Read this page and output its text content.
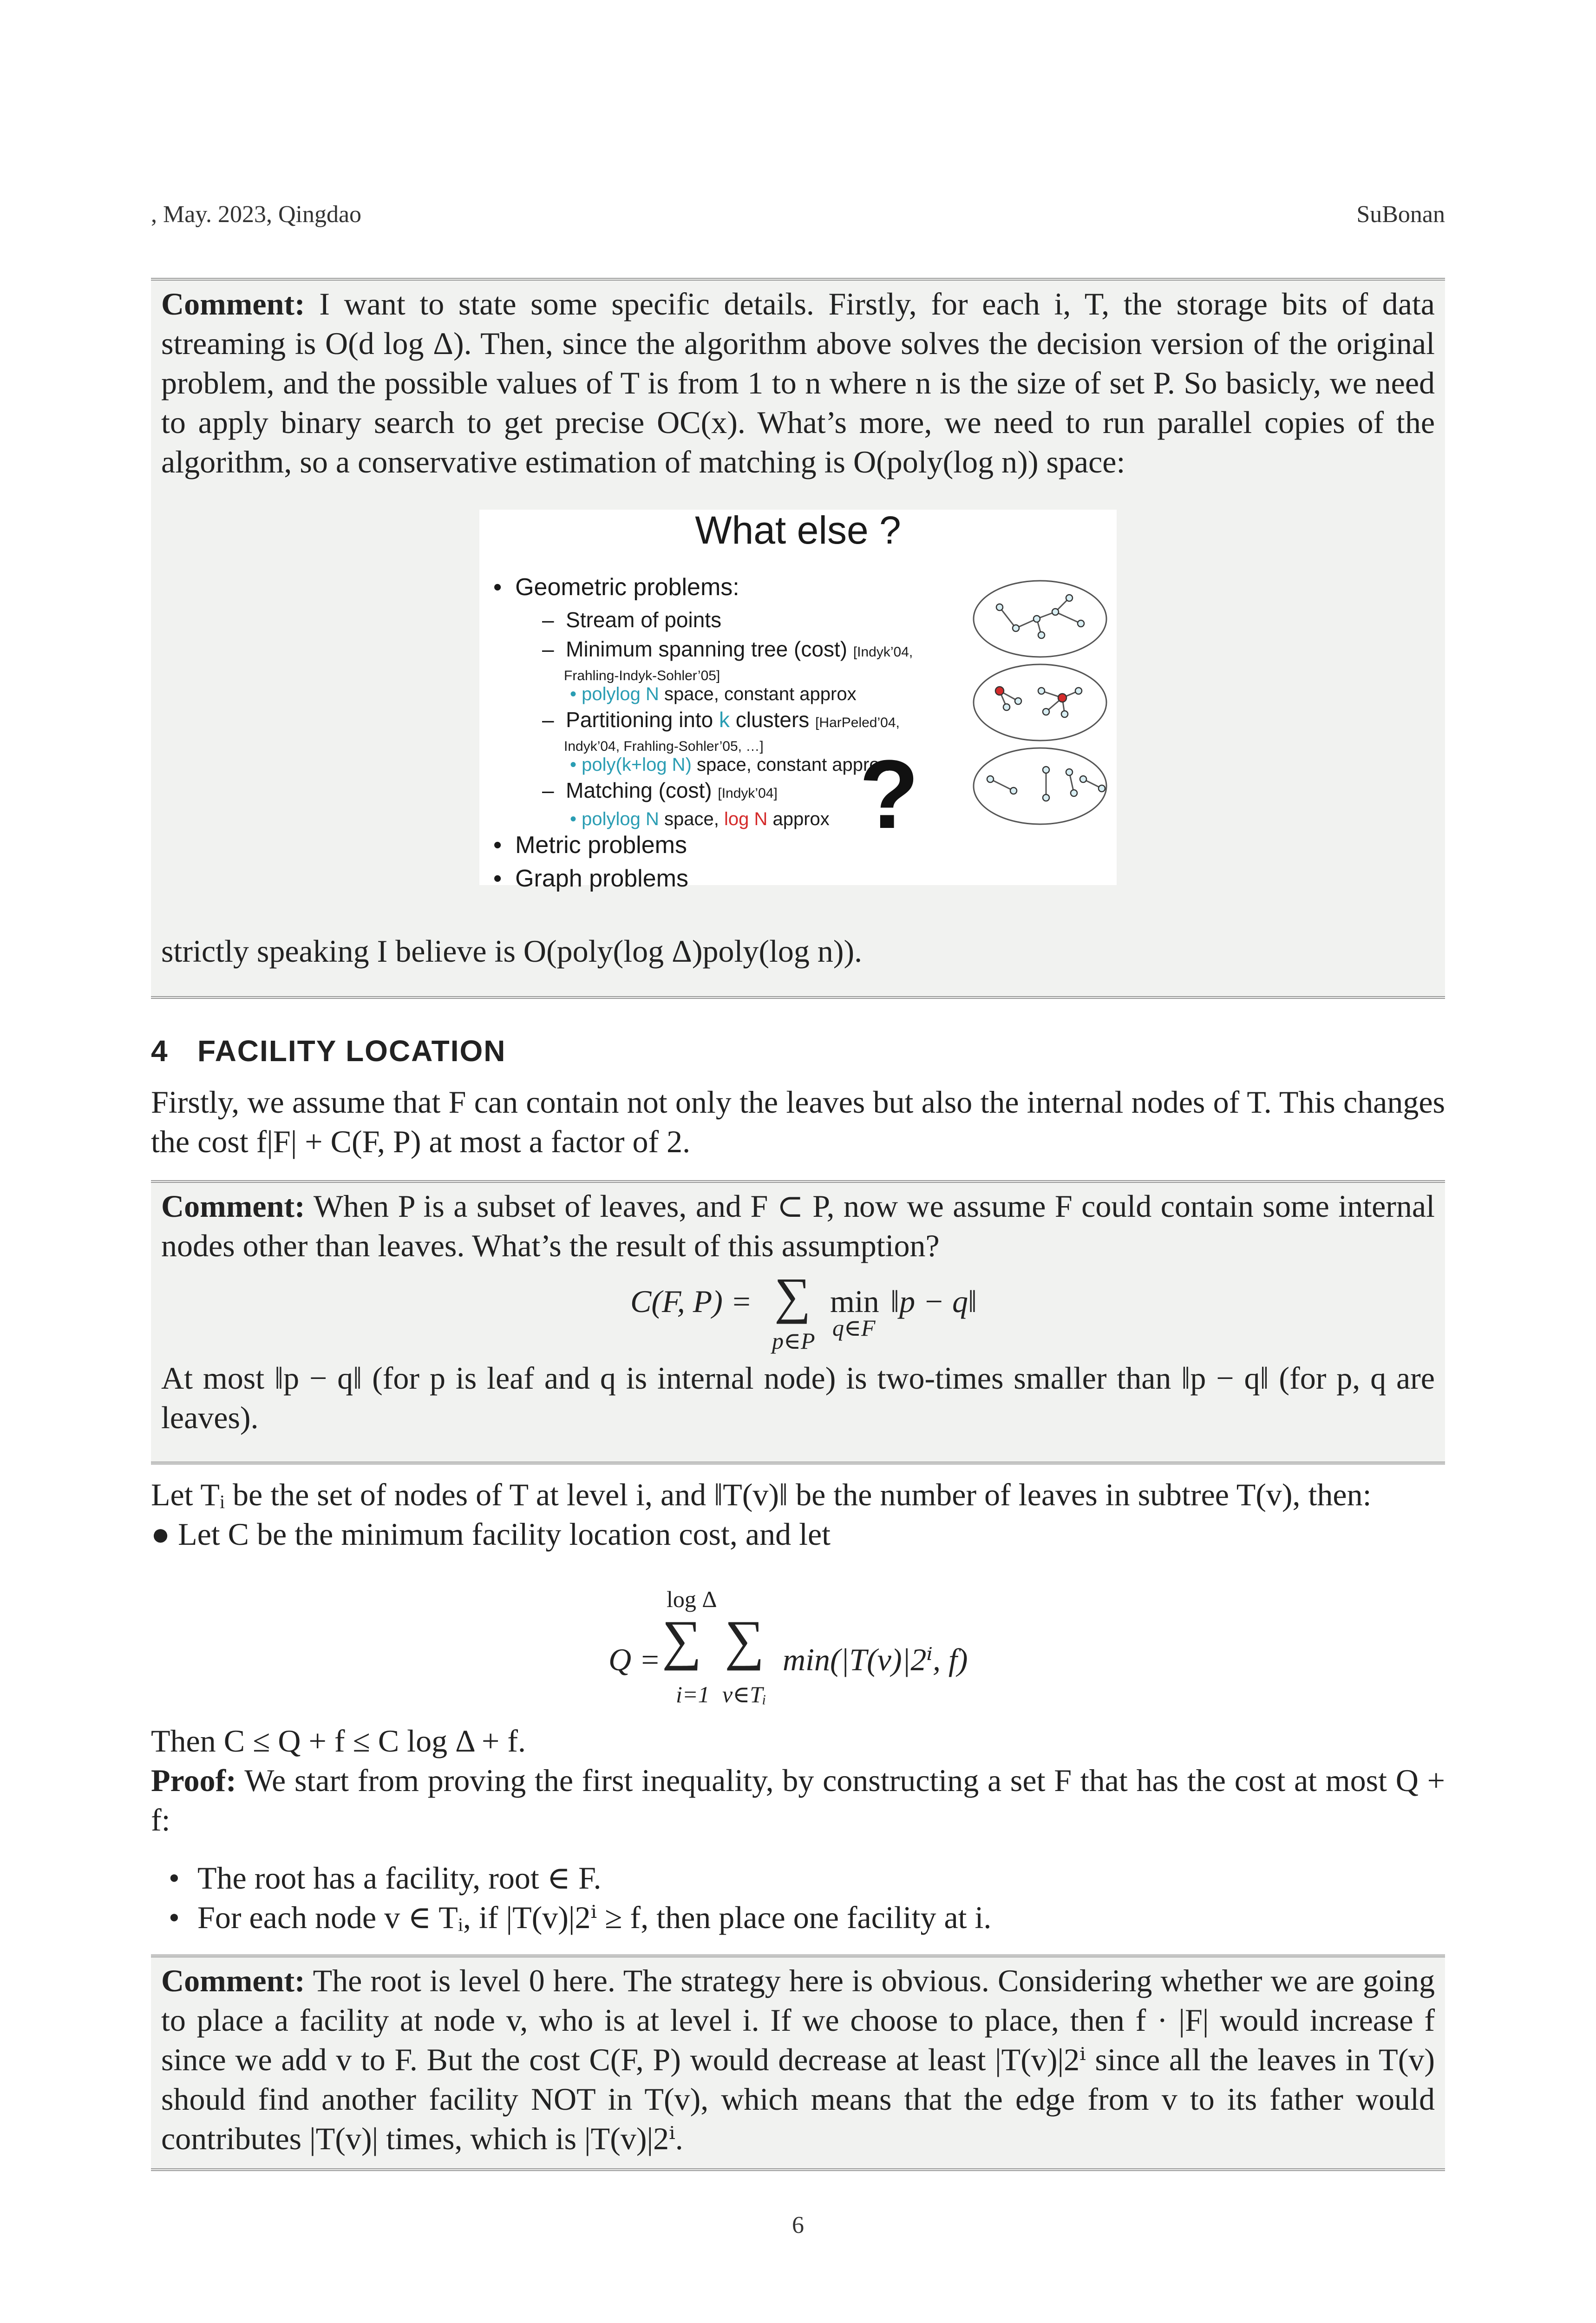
, May. 2023, Qingdao	SuBonan

Comment: I want to state some specific details. Firstly, for each i, T, the storage bits of data streaming is O(d log Δ). Then, since the algorithm above solves the decision version of the original problem, and the possible values of T is from 1 to n where n is the size of set P. So basicly, we need to apply binary search to get precise OC(x). What’s more, we need to run parallel copies of the algorithm, so a conservative estimation of matching is O(poly(log n)) space:

What else ?
•  Geometric problems:
–  Stream of points
–  Minimum spanning tree (cost) [Indyk’04,
Frahling-Indyk-Sohler’05]
• polylog N space, constant approx
–  Partitioning into k clusters [HarPeled’04,
Indyk’04, Frahling-Sohler’05, …]
• poly(k+log N) space, constant approx
–  Matching (cost) [Indyk’04]
• polylog N space, log N approx ?
•  Metric problems
•  Graph problems

strictly speaking I believe is O(poly(log Δ)poly(log n)).

4 FACILITY LOCATION

Firstly, we assume that F can contain not only the leaves but also the internal nodes of T. This changes the cost f|F| + C(F, P) at most a factor of 2.

Comment: When P is a subset of leaves, and F ⊂ P, now we assume F could contain some internal nodes other than leaves. What’s the result of this assumption?

C(F, P) = ∑
p∈P
min
q∈F
‖p − q‖

At most ‖p − q‖ (for p is leaf and q is internal node) is two-times smaller than ‖p − q‖ (for p, q are leaves).

Let Tᵢ be the set of nodes of T at level i, and ‖T(v)‖ be the number of leaves in subtree T(v), then:

● Let C be the minimum facility location cost, and let

Q =
log Δ
∑
i=1
∑
v∈Tᵢ
min(|T(v)|2ⁱ, f)

Then C ≤ Q + f ≤ C log Δ + f.

Proof: We start from proving the first inequality, by constructing a set F that has the cost at most Q + f:

• The root has a facility, root ∈ F.
• For each node v ∈ Tᵢ, if |T(v)|2ⁱ ≥ f, then place one facility at i.

Comment: The root is level 0 here. The strategy here is obvious. Considering whether we are going to place a facility at node v, who is at level i. If we choose to place, then f · |F| would increase f since we add v to F. But the cost C(F, P) would decrease at least |T(v)|2ⁱ since all the leaves in T(v) should find another facility NOT in T(v), which means that the edge from v to its father would contributes |T(v)| times, which is |T(v)|2ⁱ.

6
